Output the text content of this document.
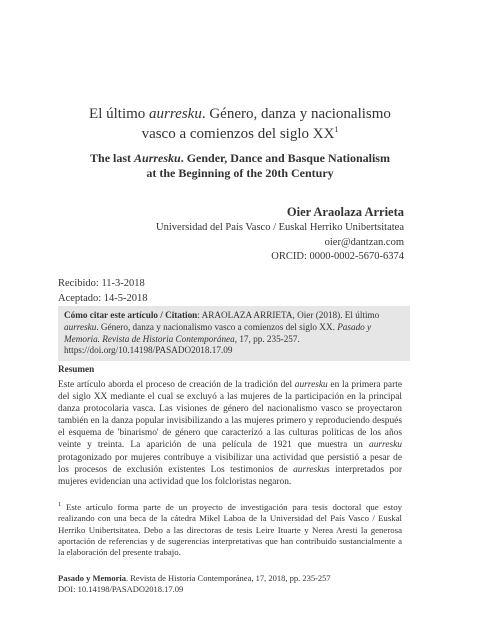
El último aurresku. Género, danza y nacionalismo
vasco a comienzos del siglo $XX^1$
The last Aurresku. Gender, Dance and Basque Nationalism
at the Beginning of the 20th Century
Oier Araolaza Arrieta
Universidad del País Vasco / Euskal Herriko Unibertsitatea
oier@dantzan.com
ORCID: 0000-0002-5670-6374
Recibido: 11-3-2018
Aceptado: 14-5-2018
Cómo citar este artículo / Citation: ARAOLAZA ARRIETA, Oier (2018). El último aurresku. Género, danza y nacionalismo vasco a comienzos del siglo XX. Pasado y Memoria. Revista de Historia Contemporánea, 17, pp. 235-257. https://doi.org/10.14198/PASADO2018.17.09
Resumen
Este artículo aborda el proceso de creación de la tradición del aurresku en la primera parte del siglo XX mediante el cual se excluyó a las mujeres de la participación en la principal danza protocolaria vasca. Las visiones de género del nacionalismo vasco se proyectaron también en la danza popular invisibilizando a las mujeres primero y reproduciendo después el esquema de 'binarismo' de género que caracterizó a las culturas políticas de los años veinte y treinta. La aparición de una película de 1921 que muestra un aurresku protagonizado por mujeres contribuye a visibilizar una actividad que persistió a pesar de los procesos de exclusión existentes Los testimonios de aurreskus interpretados por mujeres evidencian una actividad que los folcloristas negaron.
$^1$ Este artículo forma parte de un proyecto de investigación para tesis doctoral que estoy realizando con una beca de la cátedra Mikel Laboa de la Universidad del País Vasco / Euskal Herriko Unibertsitatea. Debo a las directoras de tesis Leire Ituarte y Nerea Aresti la generosa aportación de referencias y de sugerencias interpretativas que han contribuido sustancialmente a la elaboración del presente trabajo.
Pasado y Memoria. Revista de Historia Contemporánea, 17, 2018, pp. 235-257
DOI: 10.14198/PASADO2018.17.09
